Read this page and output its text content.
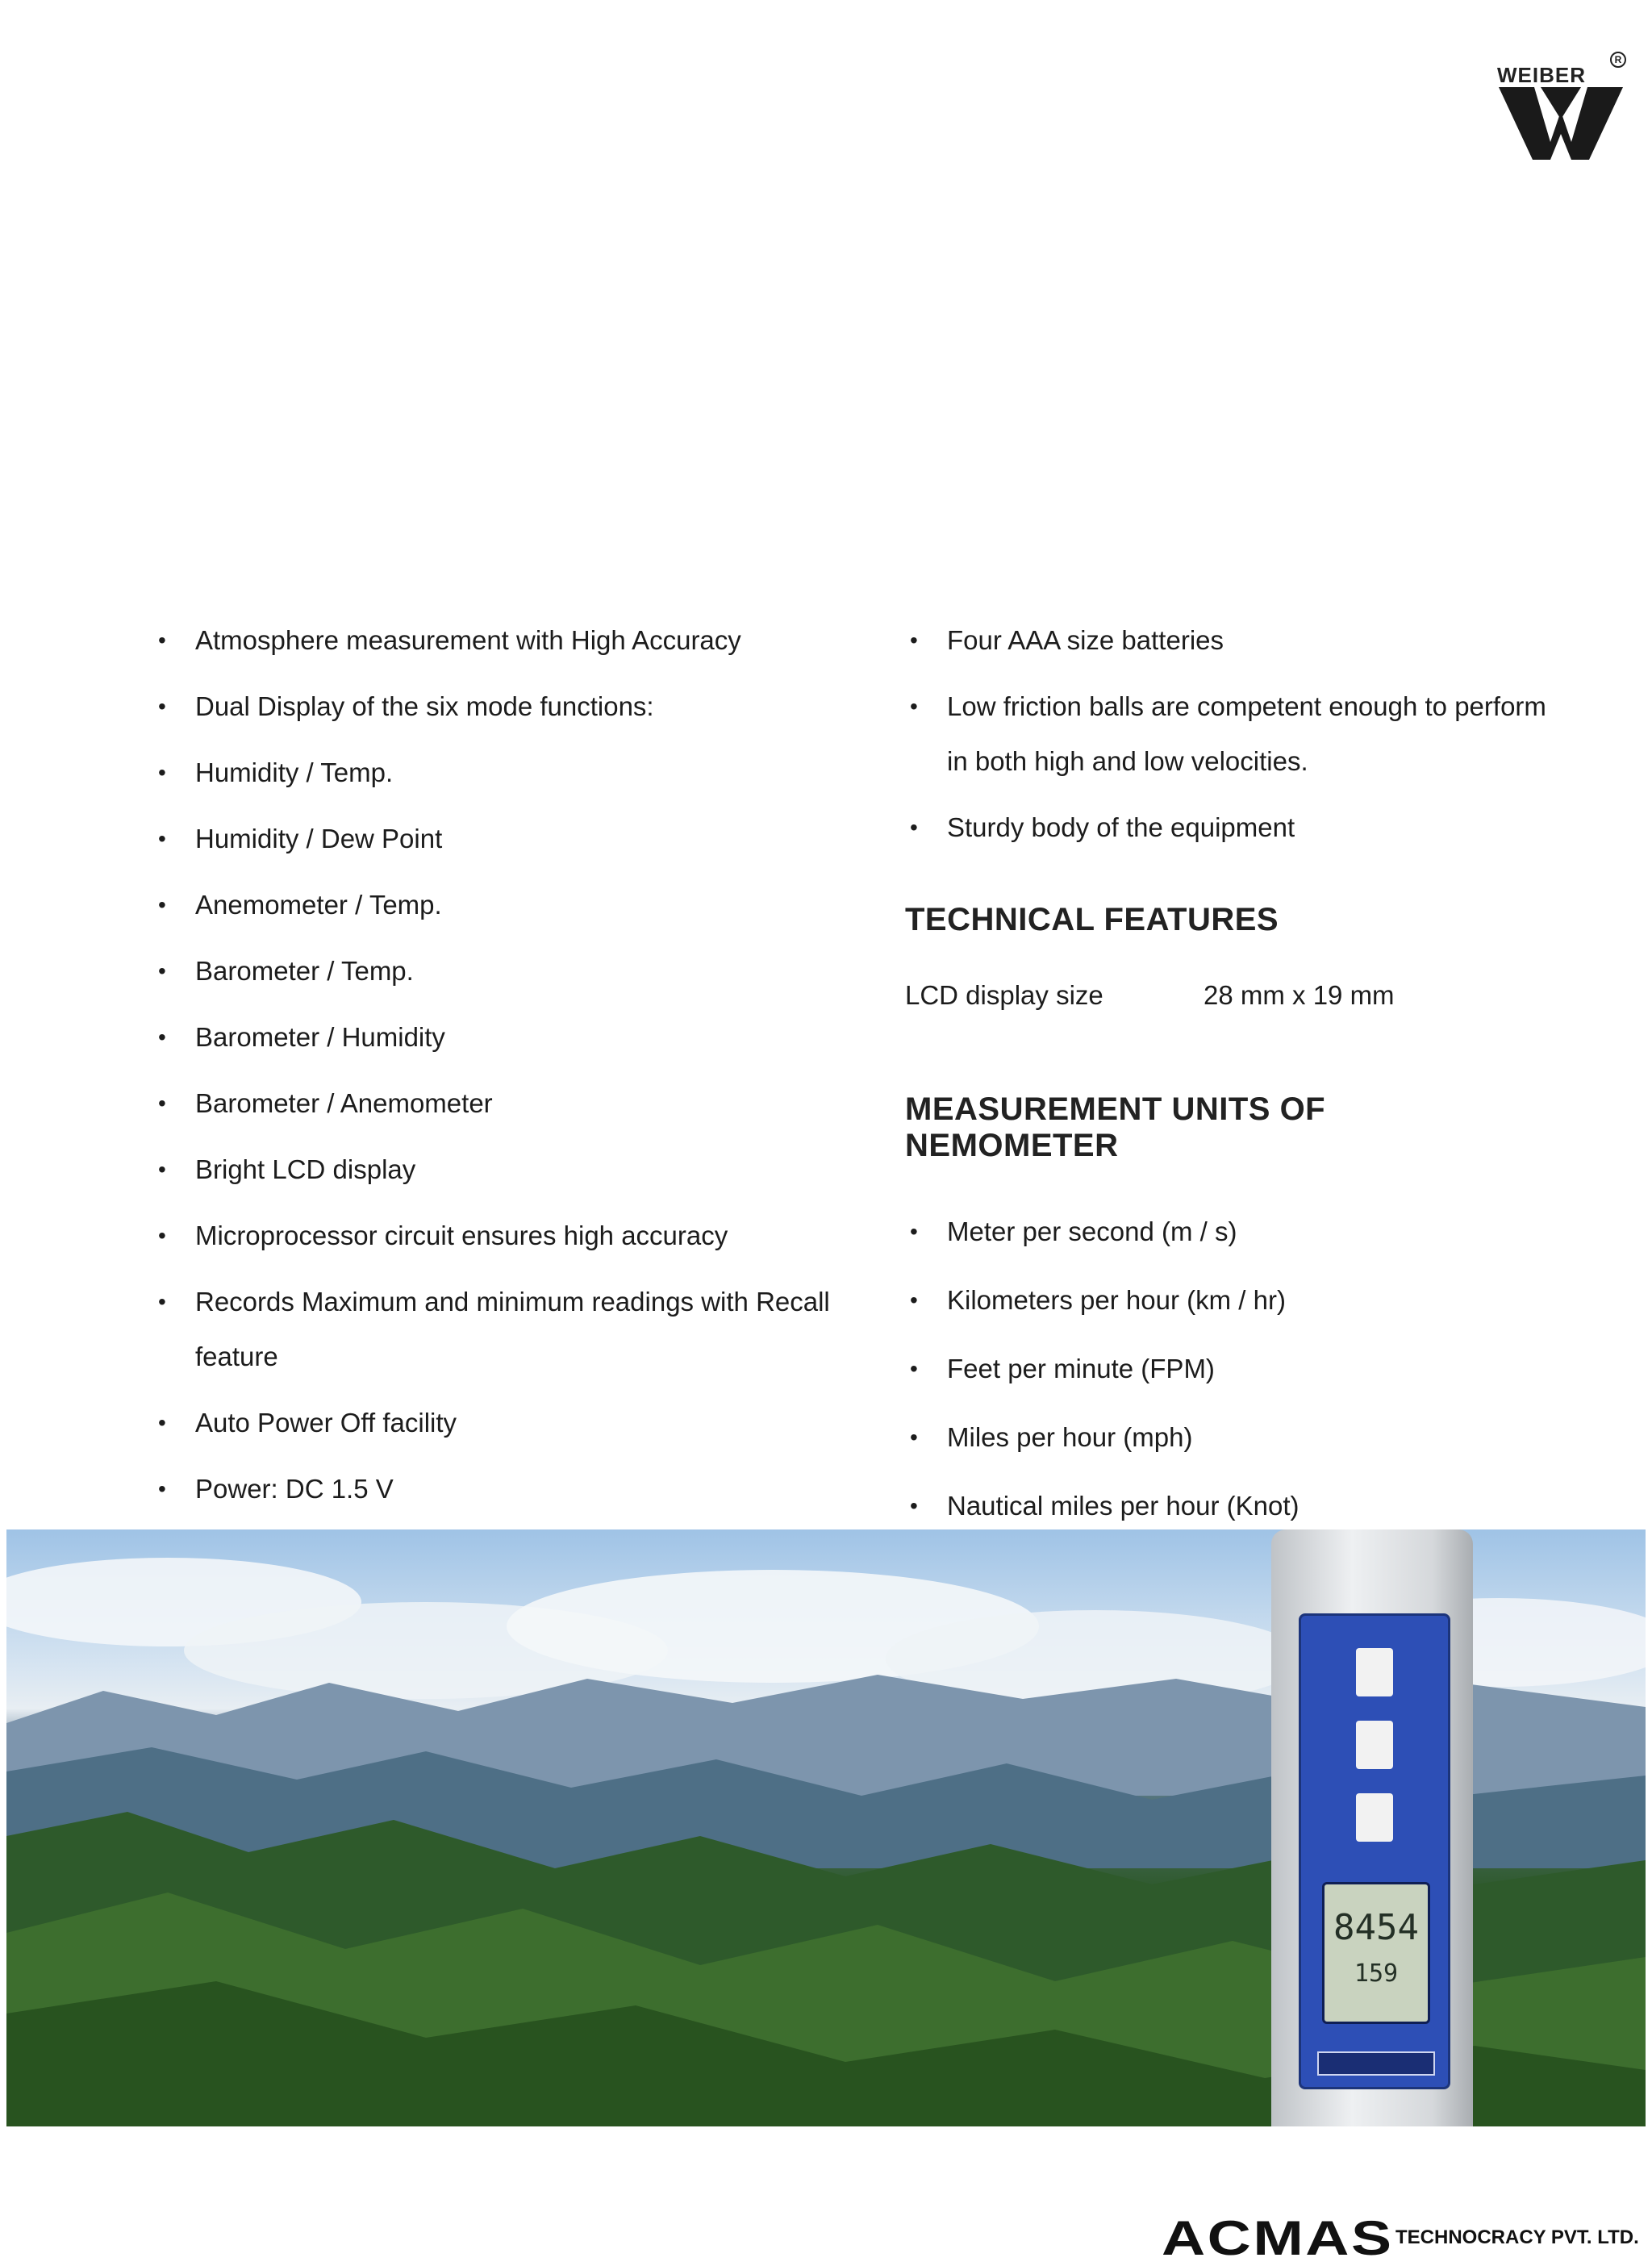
WEIBER
R
• Atmosphere measurement with High Accuracy
• Dual Display of the six mode functions:
• Humidity / Temp.
• Humidity / Dew Point
• Anemometer / Temp.
• Barometer / Temp.
• Barometer / Humidity
• Barometer / Anemometer
• Bright LCD display
• Microprocessor circuit ensures high accuracy
• Records Maximum and minimum readings with Recall feature
• Auto Power Off facility
• Power: DC 1.5 V
• Four AAA size batteries
• Low friction balls are competent enough to perform in both high and low velocities.
• Sturdy body of the equipment
TECHNICAL FEATURES
LCD display size	28 mm x 19 mm
MEASUREMENT UNITS OF NEMOMETER
• Meter per second (m / s)
• Kilometers per hour (km / hr)
• Feet per minute (FPM)
• Miles per hour (mph)
• Nautical miles per hour (Knot)
8454
159
ACMAS TECHNOCRACY PVT. LTD.
